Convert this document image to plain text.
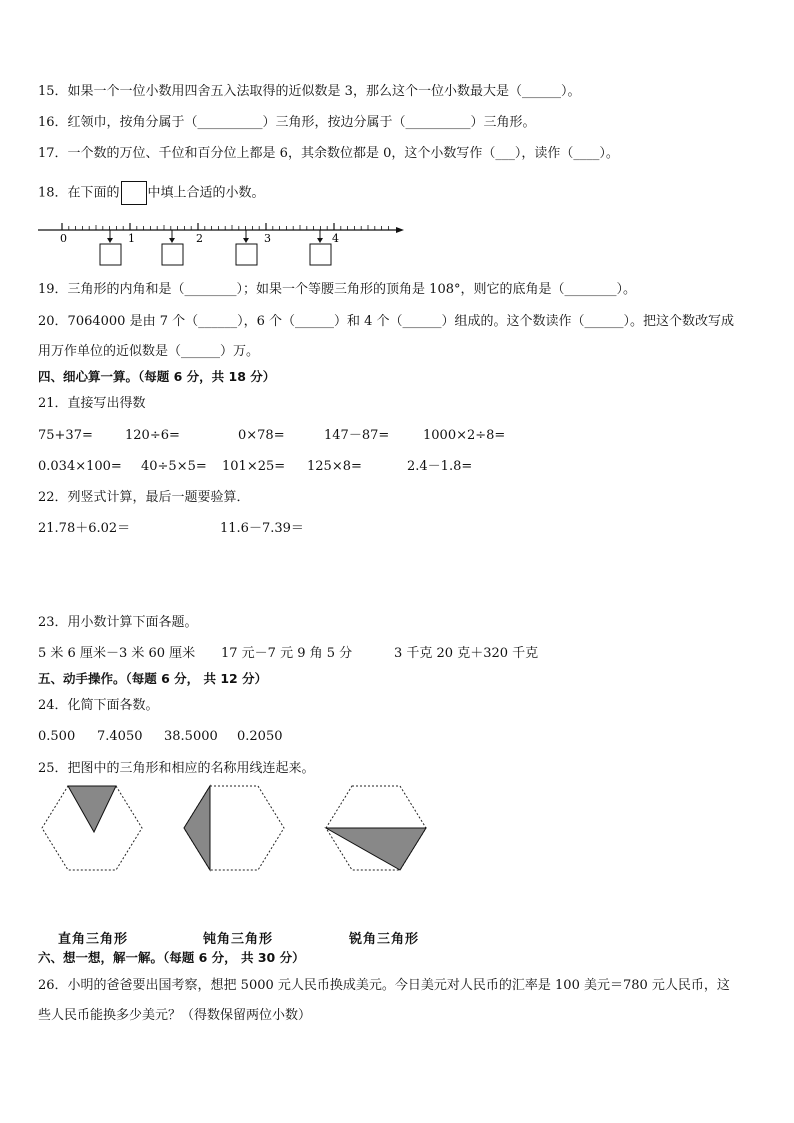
15．如果一个一位小数用四舍五入法取得的近似数是 3，那么这个一位小数最大是（______）。
16．红领巾，按角分属于（__________）三角形，按边分属于（__________）三角形。
17．一个数的万位、千位和百分位上都是 6，其余数位都是 0，这个小数写作（___），读作（____）。
18．在下面的 中填上合适的小数。
0	1	2	3	4
19．三角形的内角和是（________）；如果一个等腰三角形的顶角是 108°，则它的底角是（________）。
20．7064000 是由 7 个（______），6 个（______）和 4 个（______）组成的。这个数读作（______）。把这个数改写成
用万作单位的近似数是（______）万。
四、细心算一算。（每题 6 分，共 18 分）
21．直接写出得数
75+37= 120÷6=	0×78=	147－87=	1000×2÷8=
0.034×100= 40÷5×5= 101×25= 125×8=	2.4－1.8=
22．列竖式计算，最后一题要验算．
21.78＋6.02＝	11.6－7.39＝
23．用小数计算下面各题。
5 米 6 厘米－3 米 60 厘米 17 元－7 元 9 角 5 分	3 千克 20 克＋320 千克
五、动手操作。（每题 6 分， 共 12 分）
24．化简下面各数。
0.500 7.4050 38.5000 0.2050
25．把图中的三角形和相应的名称用线连起来。
直角三角形	钝角三角形	锐角三角形
六、想一想，解一解。（每题 6 分， 共 30 分）
26．小明的爸爸要出国考察，想把 5000 元人民币换成美元。今日美元对人民币的汇率是 100 美元＝780 元人民币，这
些人民币能换多少美元？（得数保留两位小数）
